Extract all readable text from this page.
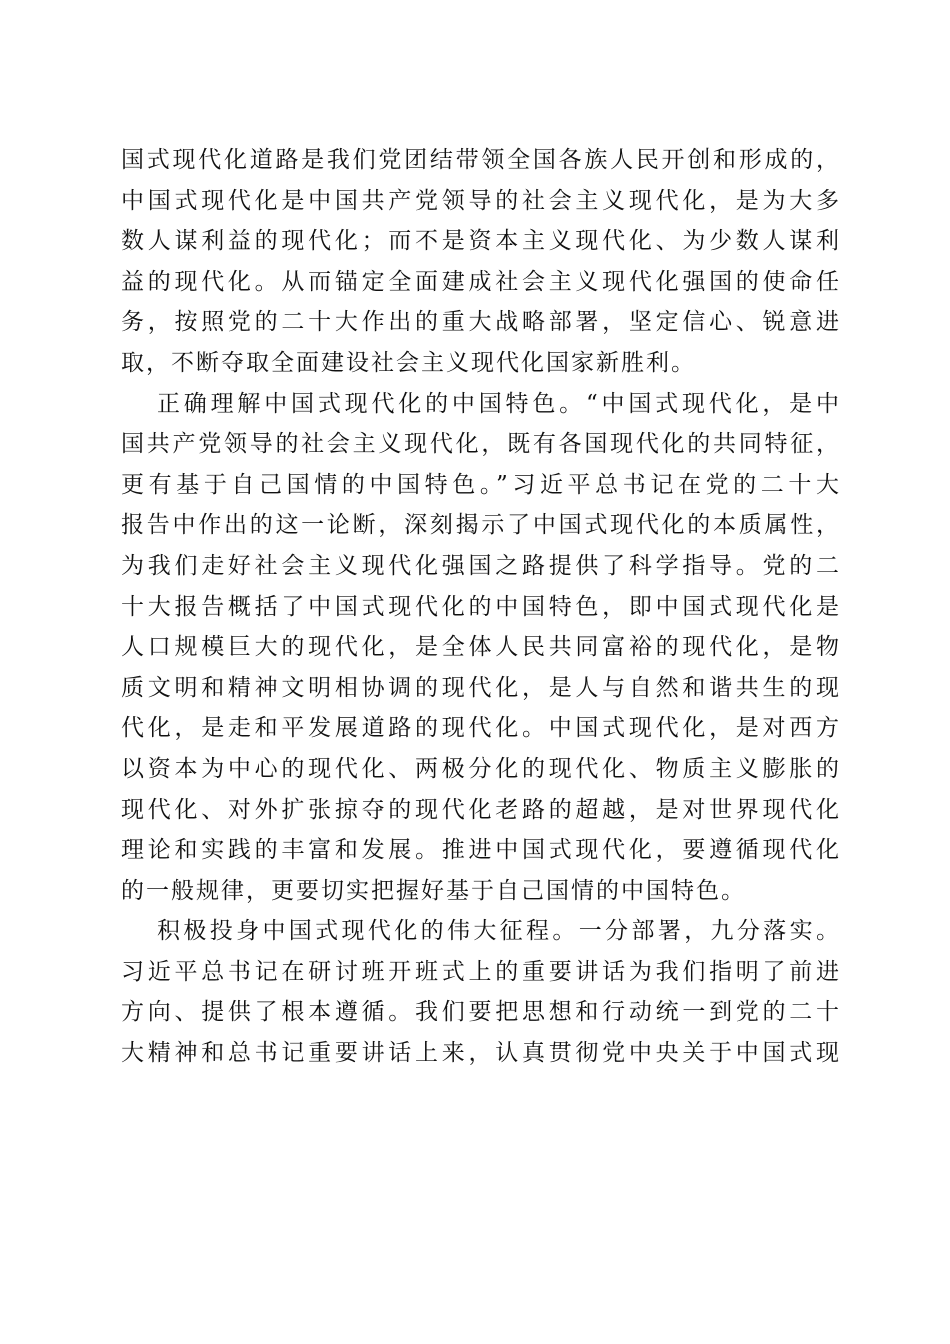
国式现代化道路是我们党团结带领全国各族人民开创和形成的，
中国式现代化是中国共产党领导的社会主义现代化，是为大多
数人谋利益的现代化；而不是资本主义现代化、为少数人谋利
益的现代化。从而锚定全面建成社会主义现代化强国的使命任
务，按照党的二十大作出的重大战略部署，坚定信心、锐意进
取，不断夺取全面建设社会主义现代化国家新胜利。
正确理解中国式现代化的中国特色。“中国式现代化，是中
国共产党领导的社会主义现代化，既有各国现代化的共同特征，
更有基于自己国情的中国特色。”习近平总书记在党的二十大
报告中作出的这一论断，深刻揭示了中国式现代化的本质属性，
为我们走好社会主义现代化强国之路提供了科学指导。党的二
十大报告概括了中国式现代化的中国特色，即中国式现代化是
人口规模巨大的现代化，是全体人民共同富裕的现代化，是物
质文明和精神文明相协调的现代化，是人与自然和谐共生的现
代化，是走和平发展道路的现代化。中国式现代化，是对西方
以资本为中心的现代化、两极分化的现代化、物质主义膨胀的
现代化、对外扩张掠夺的现代化老路的超越，是对世界现代化
理论和实践的丰富和发展。推进中国式现代化，要遵循现代化
的一般规律，更要切实把握好基于自己国情的中国特色。
积极投身中国式现代化的伟大征程。一分部署，九分落实。
习近平总书记在研讨班开班式上的重要讲话为我们指明了前进
方向、提供了根本遵循。我们要把思想和行动统一到党的二十
大精神和总书记重要讲话上来，认真贯彻党中央关于中国式现
